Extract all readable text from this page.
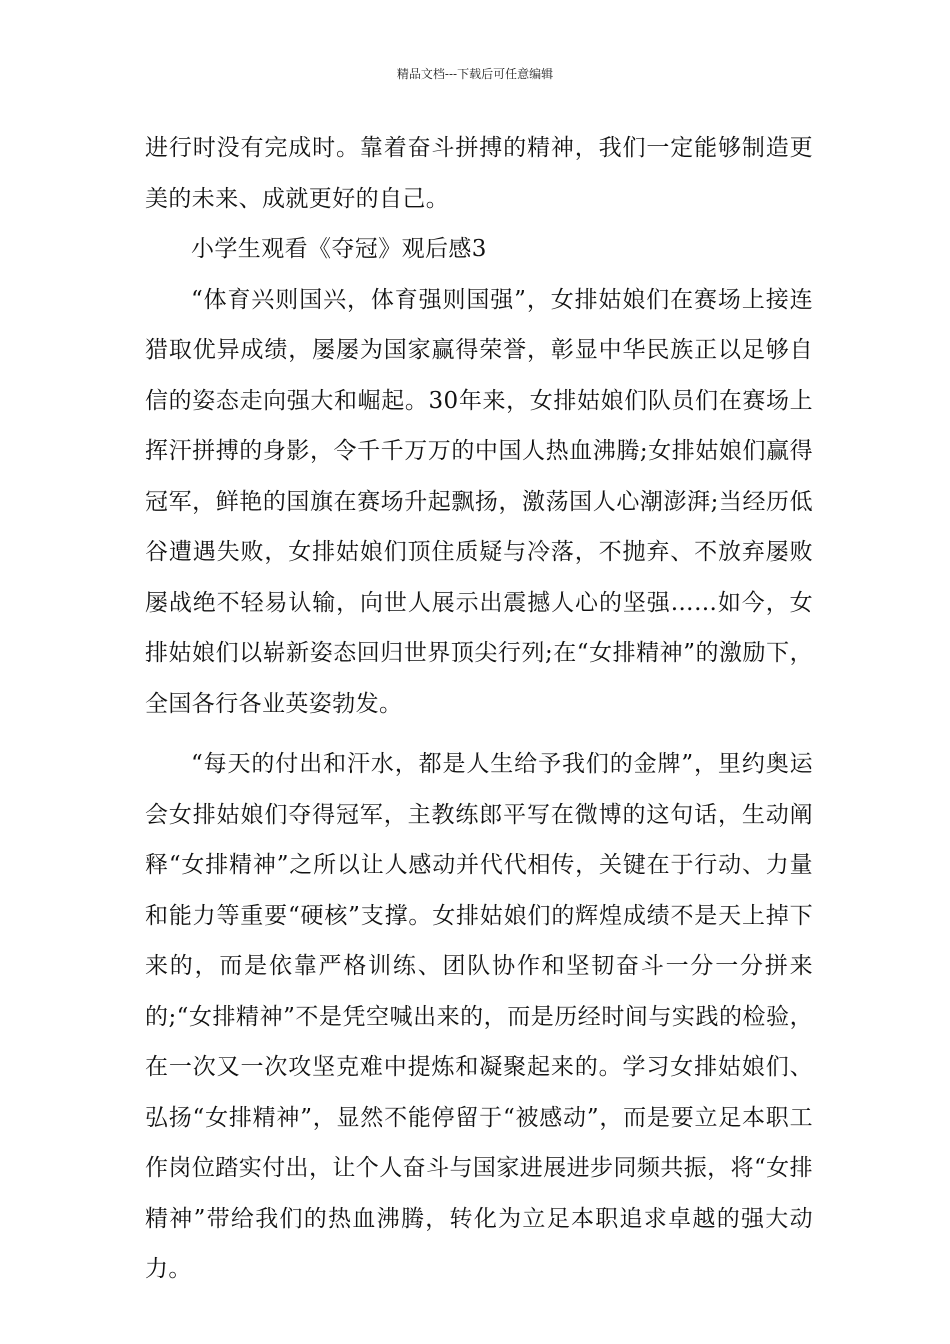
精品文档---下载后可任意编辑

进行时没有完成时。靠着奋斗拼搏的精神，我们一定能够制造更美的未来、成就更好的自己。

小学生观看《夺冠》观后感3

“体育兴则国兴，体育强则国强”，女排姑娘们在赛场上接连猎取优异成绩，屡屡为国家赢得荣誉，彰显中华民族正以足够自信的姿态走向强大和崛起。30年来，女排姑娘们队员们在赛场上挥汗拼搏的身影，令千千万万的中国人热血沸腾;女排姑娘们赢得冠军，鲜艳的国旗在赛场升起飘扬，激荡国人心潮澎湃;当经历低谷遭遇失败，女排姑娘们顶住质疑与冷落，不抛弃、不放弃屡败屡战绝不轻易认输，向世人展示出震撼人心的坚强……如今，女排姑娘们以崭新姿态回归世界顶尖行列;在“女排精神”的激励下，全国各行各业英姿勃发。

“每天的付出和汗水，都是人生给予我们的金牌”，里约奥运会女排姑娘们夺得冠军，主教练郎平写在微博的这句话，生动阐释“女排精神”之所以让人感动并代代相传，关键在于行动、力量和能力等重要“硬核”支撑。女排姑娘们的辉煌成绩不是天上掉下来的，而是依靠严格训练、团队协作和坚韧奋斗一分一分拼来的;“女排精神”不是凭空喊出来的，而是历经时间与实践的检验，在一次又一次攻坚克难中提炼和凝聚起来的。学习女排姑娘们、弘扬“女排精神”，显然不能停留于“被感动”，而是要立足本职工作岗位踏实付出，让个人奋斗与国家进展进步同频共振，将“女排精神”带给我们的热血沸腾，转化为立足本职追求卓越的强大动力。
